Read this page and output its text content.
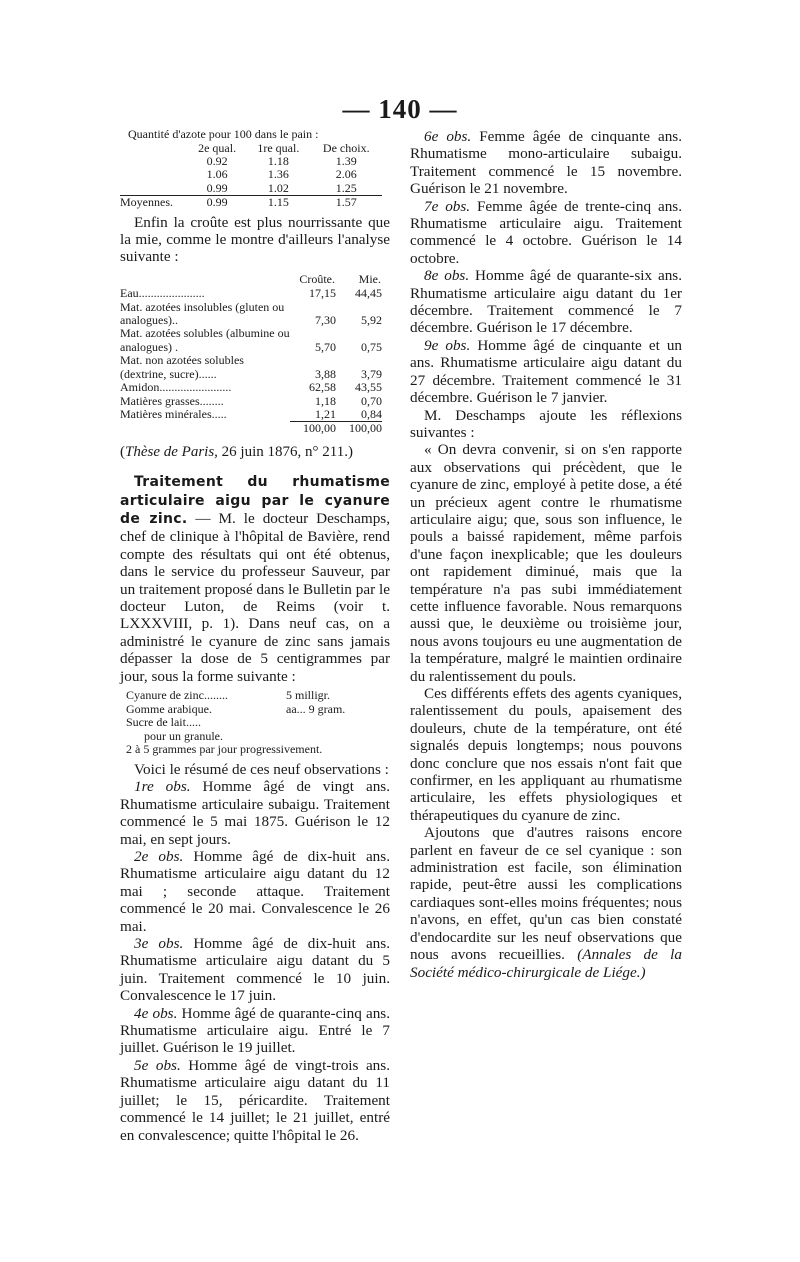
— 140 —
Quantité d'azote pour 100 dans le pain :
	2e qual.	1re qual.	De choix.
	0.92	1.18	1.39
	1.06	1.36	2.06
	0.99	1.02	1.25
Moyennes.	0.99	1.15	1.57

Enfin la croûte est plus nourrissante que la mie, comme le montre d'ailleurs l'analyse suivante :

	Croûte.	Mie.
Eau......................	17,15	44,45
Mat. azotées insolubles (gluten ou analogues)..	7,30	5,92
Mat. azotées solubles (albumine ou analogues) .	5,70	0,75
Mat. non azotées solubles (dextrine, sucre)......	3,88	3,79
Amidon........................	62,58	43,55
Matières grasses........	1,18	0,70
Matières minérales.....	1,21	0,84
	100,00	100,00

(Thèse de Paris, 26 juin 1876, n° 211.)

Traitement du rhumatisme articulaire aigu par le cyanure de zinc. — M. le docteur Deschamps, chef de clinique à l'hôpital de Bavière, rend compte des résultats qui ont été obtenus, dans le service du professeur Sauveur, par un traitement proposé dans le Bulletin par le docteur Luton, de Reims (voir t. LXXXVIII, p. 1). Dans neuf cas, on a administré le cyanure de zinc sans jamais dépasser la dose de 5 centigrammes par jour, sous la forme suivante :

Cyanure de zinc........	5 milligr.
Gomme arabique.	aa... 9 gram.
Sucre de lait.....
pour un granule.
2 à 5 grammes par jour progressivement.

Voici le résumé de ces neuf observations :

1re obs. Homme âgé de vingt ans. Rhumatisme articulaire subaigu. Traitement commencé le 5 mai 1875. Guérison le 12 mai, en sept jours.

2e obs. Homme âgé de dix-huit ans. Rhumatisme articulaire aigu datant du 12 mai ; seconde attaque. Traitement commencé le 20 mai. Convalescence le 26 mai.

3e obs. Homme âgé de dix-huit ans. Rhumatisme articulaire aigu datant du 5 juin. Traitement commencé le 10 juin. Convalescence le 17 juin.

4e obs. Homme âgé de quarante-cinq ans. Rhumatisme articulaire aigu. Entré le 7 juillet. Guérison le 19 juillet.

5e obs. Homme âgé de vingt-trois ans. Rhumatisme articulaire aigu datant du 11 juillet; le 15, péricardite. Traitement commencé le 14 juillet; le 21 juillet, entré en convalescence; quitte l'hôpital le 26.

6e obs. Femme âgée de cinquante ans. Rhumatisme mono-articulaire subaigu. Traitement commencé le 15 novembre. Guérison le 21 novembre.

7e obs. Femme âgée de trente-cinq ans. Rhumatisme articulaire aigu. Traitement commencé le 4 octobre. Guérison le 14 octobre.

8e obs. Homme âgé de quarante-six ans. Rhumatisme articulaire aigu datant du 1er décembre. Traitement commencé le 7 décembre. Guérison le 17 décembre.

9e obs. Homme âgé de cinquante et un ans. Rhumatisme articulaire aigu datant du 27 décembre. Traitement commencé le 31 décembre. Guérison le 7 janvier.

M. Deschamps ajoute les réflexions suivantes :

« On devra convenir, si on s'en rapporte aux observations qui précèdent, que le cyanure de zinc, employé à petite dose, a été un précieux agent contre le rhumatisme articulaire aigu; que, sous son influence, le pouls a baissé rapidement, même parfois d'une façon inexplicable; que les douleurs ont rapidement diminué, mais que la température n'a pas subi immédiatement cette influence favorable. Nous remarquons aussi que, le deuxième ou troisième jour, nous avons toujours eu une augmentation de la température, malgré le maintien ordinaire du ralentissement du pouls.

Ces différents effets des agents cyaniques, ralentissement du pouls, apaisement des douleurs, chute de la température, ont été signalés depuis longtemps; nous pouvons donc conclure que nos essais n'ont fait que confirmer, en les appliquant au rhumatisme articulaire, les effets physiologiques et thérapeutiques du cyanure de zinc.

Ajoutons que d'autres raisons encore parlent en faveur de ce sel cyanique : son administration est facile, son élimination rapide, peut-être aussi les complications cardiaques sont-elles moins fréquentes; nous n'avons, en effet, qu'un cas bien constaté d'endocardite sur les neuf observations que nous avons recueillies. (Annales de la Société médico-chirurgicale de Liége.)
